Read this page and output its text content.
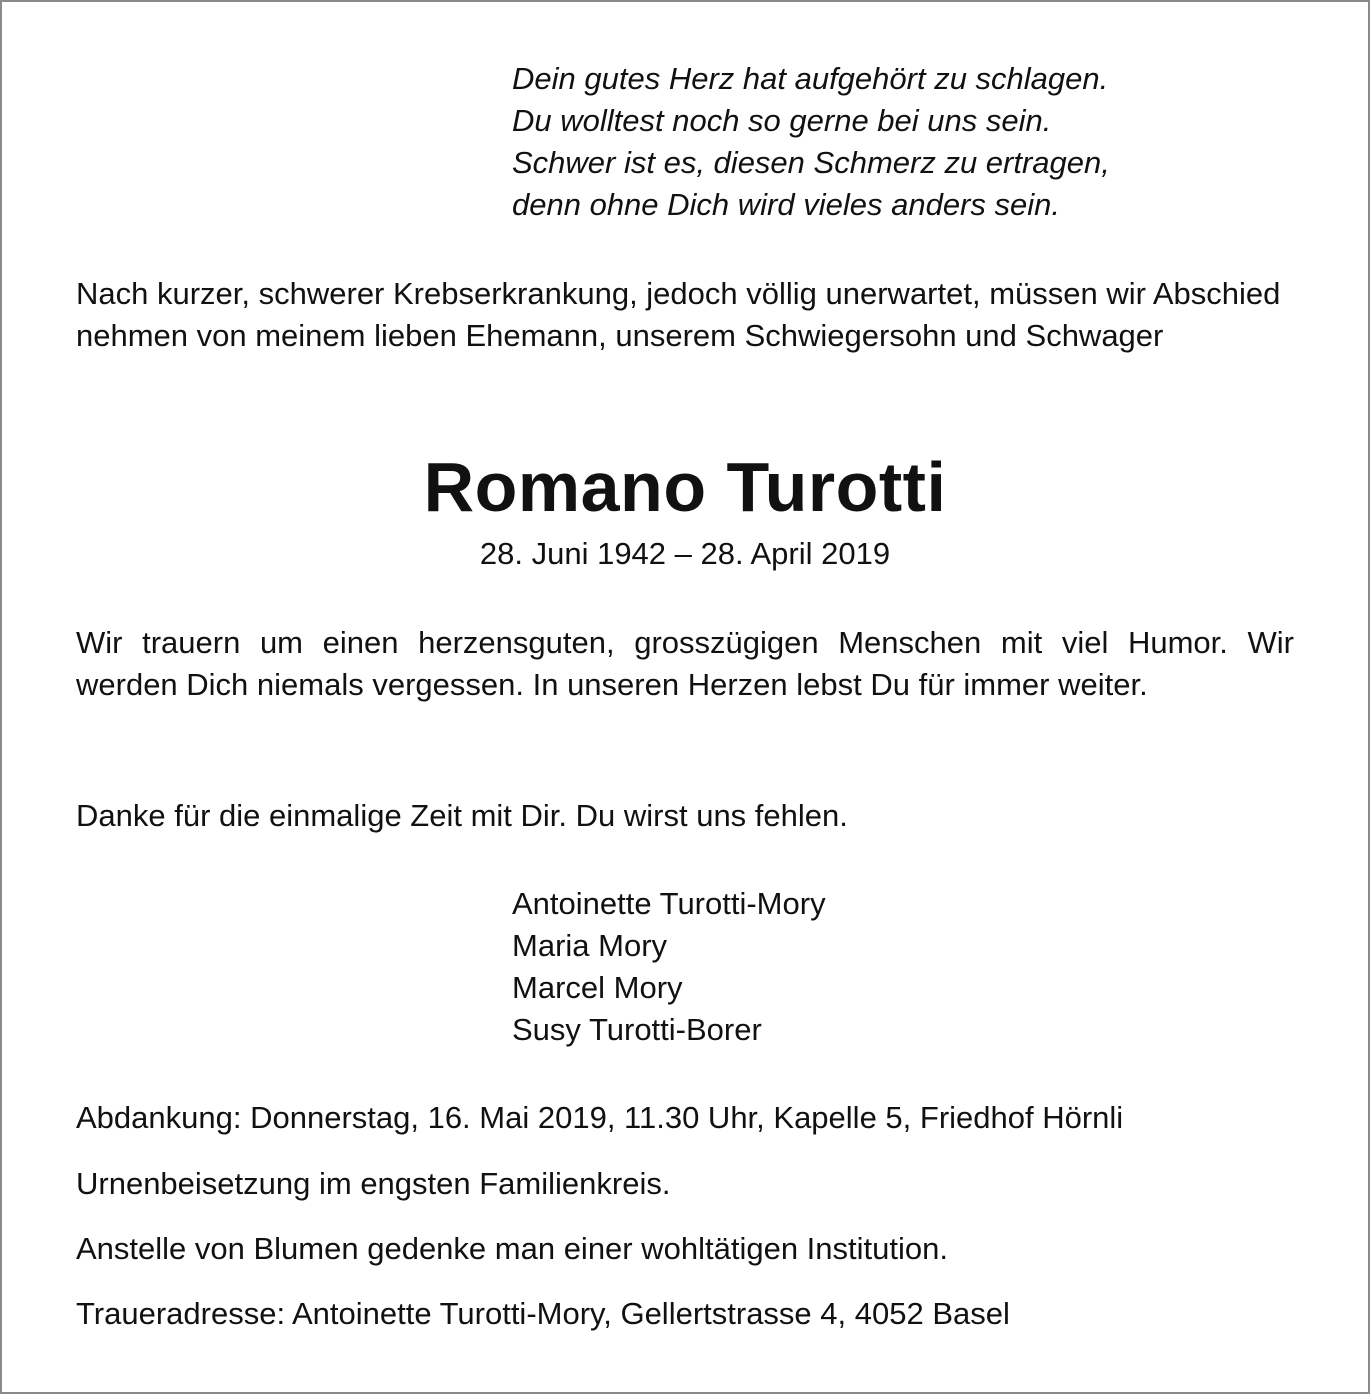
Dein gutes Herz hat aufgehört zu schlagen.
Du wolltest noch so gerne bei uns sein.
Schwer ist es, diesen Schmerz zu ertragen,
denn ohne Dich wird vieles anders sein.
Nach kurzer, schwerer Krebserkrankung, jedoch völlig unerwartet, müssen wir Abschied nehmen von meinem lieben Ehemann, unserem Schwiegersohn und Schwager
Romano Turotti
28. Juni 1942 – 28. April 2019
Wir trauern um einen herzensguten, grosszügigen Menschen mit viel Humor. Wir werden Dich niemals vergessen. In unseren Herzen lebst Du für immer weiter.
Danke für die einmalige Zeit mit Dir. Du wirst uns fehlen.
Antoinette Turotti-Mory
Maria Mory
Marcel Mory
Susy Turotti-Borer
Abdankung: Donnerstag, 16. Mai 2019, 11.30 Uhr, Kapelle 5, Friedhof Hörnli
Urnenbeisetzung im engsten Familienkreis.
Anstelle von Blumen gedenke man einer wohltätigen Institution.
Traueradresse: Antoinette Turotti-Mory, Gellertstrasse 4, 4052 Basel
